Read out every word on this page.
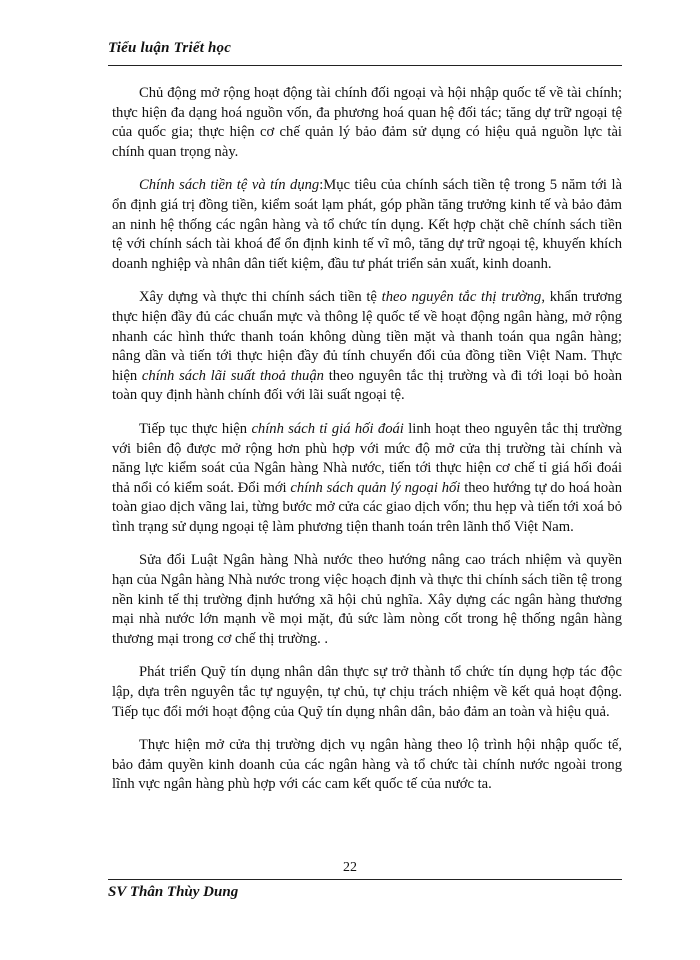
Tiểu luận Triết học

Chủ động mở rộng hoạt động tài chính đối ngoại và hội nhập quốc tế về tài chính; thực hiện đa dạng hoá nguồn vốn, đa phương hoá quan hệ đối tác; tăng dự trữ ngoại tệ của quốc gia; thực hiện cơ chế quản lý bảo đảm sử dụng có hiệu quả nguồn lực tài chính quan trọng này.

Chính sách tiền tệ và tín dụng:Mục tiêu của chính sách tiền tệ trong 5 năm tới là ổn định giá trị đồng tiền, kiểm soát lạm phát, góp phần tăng trưởng kinh tế và bảo đảm an ninh hệ thống các ngân hàng và tổ chức tín dụng. Kết hợp chặt chẽ chính sách tiền tệ với chính sách tài khoá để ổn định kinh tế vĩ mô, tăng dự trữ ngoại tệ, khuyến khích doanh nghiệp và nhân dân tiết kiệm, đầu tư phát triển sản xuất, kinh doanh.

Xây dựng và thực thi chính sách tiền tệ theo nguyên tắc thị trường, khẩn trương thực hiện đầy đủ các chuẩn mực và thông lệ quốc tế về hoạt động ngân hàng, mở rộng nhanh các hình thức thanh toán không dùng tiền mặt và thanh toán qua ngân hàng; nâng dần và tiến tới thực hiện đầy đủ tính chuyển đổi của đồng tiền Việt Nam. Thực hiện chính sách lãi suất thoả thuận theo nguyên tắc thị trường và đi tới loại bỏ hoàn toàn quy định hành chính đối với lãi suất ngoại tệ.

Tiếp tục thực hiện chính sách tỉ giá hối đoái linh hoạt theo nguyên tắc thị trường với biên độ được mở rộng hơn phù hợp với mức độ mở cửa thị trường tài chính và năng lực kiểm soát của Ngân hàng Nhà nước, tiến tới thực hiện cơ chế tỉ giá hối đoái thả nổi có kiểm soát. Đổi mới chính sách quản lý ngoại hối theo hướng tự do hoá hoàn toàn giao dịch vãng lai, từng bước mở cửa các giao dịch vốn; thu hẹp và tiến tới xoá bỏ tình trạng sử dụng ngoại tệ làm phương tiện thanh toán trên lãnh thổ Việt Nam.

Sửa đổi Luật Ngân hàng Nhà nước theo hướng nâng cao trách nhiệm và quyền hạn của Ngân hàng Nhà nước trong việc hoạch định và thực thi chính sách tiền tệ trong nền kinh tế thị trường định hướng xã hội chủ nghĩa. Xây dựng các ngân hàng thương mại nhà nước lớn mạnh về mọi mặt, đủ sức làm nòng cốt trong hệ thống ngân hàng thương mại trong cơ chế thị trường. .

Phát triển Quỹ tín dụng nhân dân thực sự trở thành tổ chức tín dụng hợp tác độc lập, dựa trên nguyên tắc tự nguyện, tự chủ, tự chịu trách nhiệm về kết quả hoạt động. Tiếp tục đổi mới hoạt động của Quỹ tín dụng nhân dân, bảo đảm an toàn và hiệu quả.

Thực hiện mở cửa thị trường dịch vụ ngân hàng theo lộ trình hội nhập quốc tế, bảo đảm quyền kinh doanh của các ngân hàng và tổ chức tài chính nước ngoài trong lĩnh vực ngân hàng phù hợp với các cam kết quốc tế của nước ta.

22
SV Thân Thùy Dung
